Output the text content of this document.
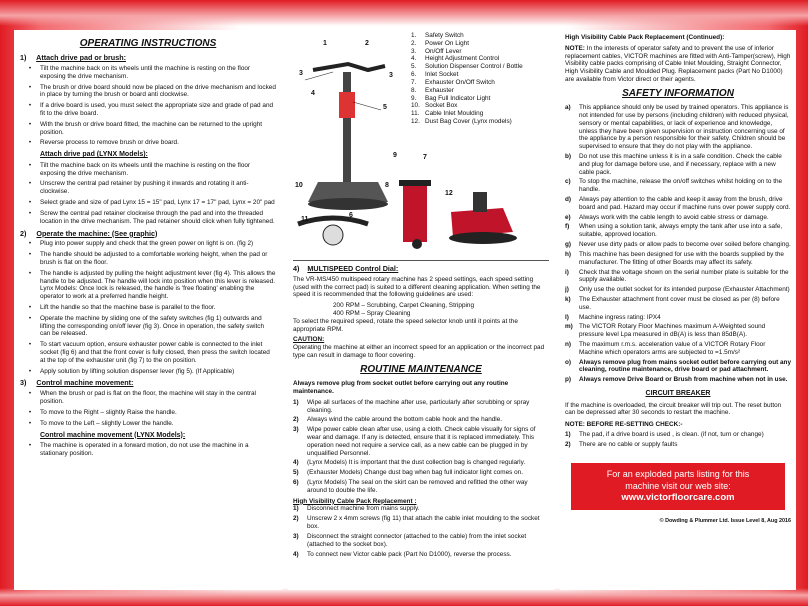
OPERATING INSTRUCTIONS
1) Attach drive pad or brush:
•	Tilt the machine back on its wheels until the machine is resting on the floor exposing the drive mechanism.
•	The brush or drive board should now be placed on the drive mechanism and locked in place by turning the brush or board anti clockwise.
•	If a drive board is used, you must select the appropriate size and grade of pad and fit to the drive board.
•	With the brush or drive board fitted, the machine can be returned to the upright position.
•	Reverse process to remove brush or drive board.
Attach drive pad (LYNX Models):
•	Tilt the machine back on its wheels until the machine is resting on the floor exposing the drive mechanism.
•	Unscrew the central pad retainer by pushing it inwards and rotating it anti-clockwise.
•	Select grade and size of pad Lynx 15 = 15" pad, Lynx 17 = 17" pad, Lynx = 20" pad
•	Screw the central pad retainer clockwise through the pad and into the threaded location in the drive mechanism. The pad retainer should click when fully tightened.
2) Operate the machine: (See graphic)
•	Plug into power supply and check that the green power on light is on. (fig 2)
•	The handle should be adjusted to a comfortable working height, when the pad or brush is flat on the floor.
•	The handle is adjusted by pulling the height adjustment lever (fig 4). This allows the handle to be adjusted. The handle will lock into position when this lever is released. Lynx Models: Once lock is released, the handle is 'free floating' enabling the operator to work at a preferred handle height.
•	Lift the handle so that the machine base is parallel to the floor.
•	Operate the machine by sliding one of the safety switches (fig 1) outwards and lifting the corresponding on/off lever (fig 3). Once in operation, the safety switch can be released.
•	To start vacuum option, ensure exhauster power cable is connected to the inlet socket (fig 6) and that the front cover is fully closed, then press the switch located at the top of the exhauster unit (fig 7) to the on position.
•	Apply solution by lifting solution dispenser lever (fig 5). (If Applicable)
3) Control machine movement:
•	When the brush or pad is flat on the floor, the machine will stay in the central position.
•	To move to the Right – slightly Raise the handle.
•	To move to the Left – slightly Lower the handle.
Control machine movement (LYNX Models):
•	The machine is operated in a forward motion, do not use the machine in a stationary position.
1	2
3	3
4
5
7
9
8
10
11
6
12
1.	Safety Switch
2.	Power On Light
3.	On/Off Lever
4.	Height Adjustment Control
5.	Solution Dispenser Control / Bottle
6.	Inlet Socket
7.	Exhauster On/Off Switch
8.	Exhauster
9.	Bag Full Indicator Light
10. Socket Box
11. Cable Inlet Moulding
12. Dust Bag Cover (Lynx models)
4) MULTISPEED Control Dial:
The VR-MS/450 multispeed rotary machine has 2 speed settings, each speed setting (used with the correct pad) is suited to a different cleaning application. When setting the speed it is recommended that the following guidelines are used:
200 RPM – Scrubbing, Carpet Cleaning, Stripping
400 RPM – Spray Cleaning
To select the required speed, rotate the speed selector knob until it points at the appropriate RPM.
CAUTION:
Operating the machine at either an incorrect speed for an application or the incorrect pad type can result in damage to floor covering.
ROUTINE MAINTENANCE
Always remove plug from socket outlet before carrying out any routine maintenance.
1)	Wipe all surfaces of the machine after use, particularly after scrubbing or spray cleaning.
2)	Always wind the cable around the bottom cable hook and the handle.
3)	Wipe power cable clean after use, using a cloth. Check cable visually for signs of wear and damage. If any is detected, ensure that it is replaced immediately. This operation need not require a service call, as a new cable can be plugged in by unqualified Personnel.
4)	(Lynx Models) It is important that the dust collection bag is changed regularly.
5)	(Exhauster Models) Change dust bag when bag full indicator light comes on.
6)	(Lynx Models) The seal on the skirt can be removed and refitted the other way around to double the life.
High Visibility Cable Pack Replacement :
1)	Disconnect machine from mains supply.
2)	Unscrew 2 x 4mm screws (fig 11) that attach the cable inlet moulding to the socket box.
3)	Disconnect the straight connector (attached to the cable) from the inlet socket (attached to the socket box).
4)	To connect new Victor cable pack (Part No D1000), reverse the process.
High Visibility Cable Pack Replacement (Continued):
NOTE: In the interests of operator safety and to prevent the use of inferior replacement cables, VICTOR machines are fitted with Anti-Tamper(screw), High Visibility cable packs comprising of Cable Inlet Moulding, Straight Connector, High Visibility Cable and Moulded Plug. Replacement packs (Part No D1000) are available from Victor direct or their agents.
SAFETY INFORMATION
a)	This appliance should only be used by trained operators. This appliance is not intended for use by persons (including children) with reduced physical, sensory or mental capabilities, or lack of experience and knowledge, unless they have been given supervision or instruction concerning use of the appliance by a person responsible for their safety. Children should be supervised to ensure that they do not play with the appliance.
b)	Do not use this machine unless it is in a safe condition. Check the cable and plug for damage before use, and if necessary, replace with a new cable pack.
c)	To stop the machine, release the on/off switches whilst holding on to the handle.
d)	Always pay attention to the cable and keep it away from the brush, drive board and pad. Hazard may occur if machine runs over power supply cord.
e)	Always work with the cable length to avoid cable stress or damage.
f)	When using a solution tank, always empty the tank after use into a safe, suitable, approved location.
g)	Never use dirty pads or allow pads to become over soiled before changing.
h)	This machine has been designed for use with the boards supplied by the manufacturer. The fitting of other Boards may affect its safety.
i)	Check that the voltage shown on the serial number plate is suitable for the supply available.
j)	Only use the outlet socket for its intended purpose (Exhauster Attachment)
k)	The Exhauster attachment front cover must be closed as per (8) before use.
l)	Machine ingress rating: IPX4
m) The VICTOR Rotary Floor Machines maximum A-Weighted sound pressure level Lpa measured in dB(A) is less than 85dB(A).
n)	The maximum r.m.s. acceleration value of a VICTOR Rotary Floor Machine which operators arms are subjected to =1.5m/s²
o)	Always remove plug from mains socket outlet before carrying out any cleaning, routine maintenance, drive board or pad attachment.
p)	Always remove Drive Board or Brush from machine when not in use.
CIRCUIT BREAKER
If the machine is overloaded, the circuit breaker will trip out. The reset button can be depressed after 30 seconds to restart the machine.
NOTE: BEFORE RE-SETTING CHECK:-
1)	The pad, if a drive board is used , is clean. (if not, turn or change)
2)	There are no cable or supply faults
For an exploded parts listing for this
machine visit our web site:
www.victorfloorcare.com
© Dowding & Plummer Ltd. Issue Level 8, Aug 2016
